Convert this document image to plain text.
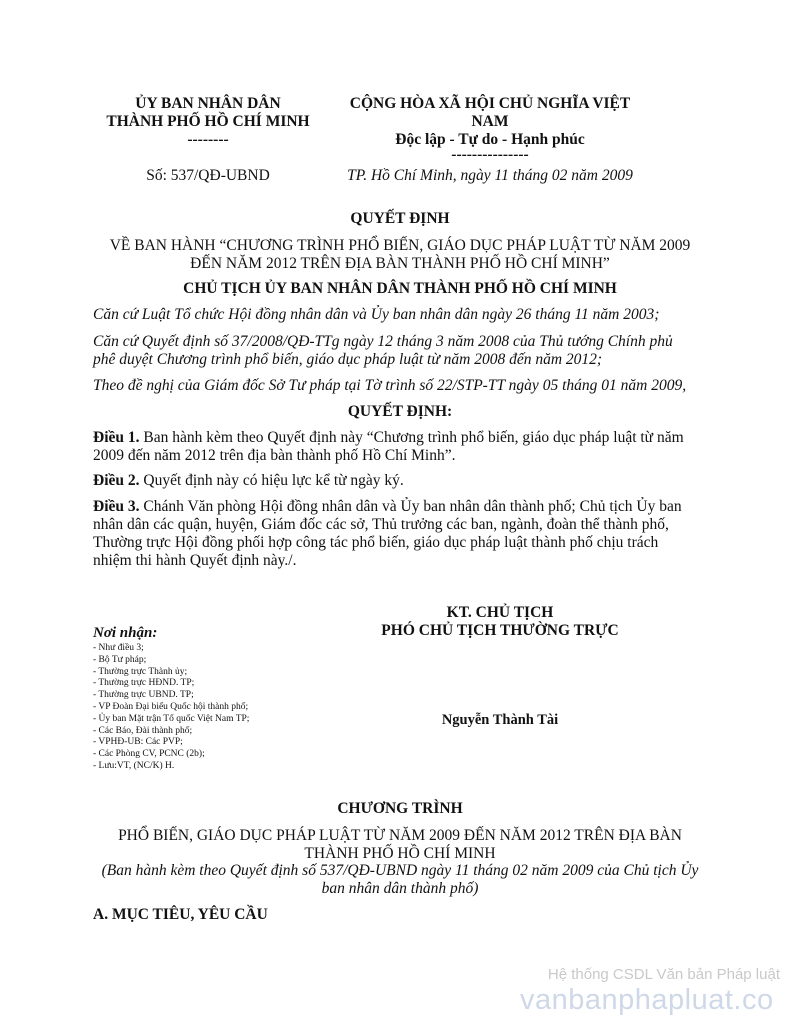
ỦY BAN NHÂN DÂN
THÀNH PHỐ HỒ CHÍ MINH
--------
Số: 537/QĐ-UBND
CỘNG HÒA XÃ HỘI CHỦ NGHĨA VIỆT
NAM
Độc lập - Tự do - Hạnh phúc
---------------
TP. Hồ Chí Minh, ngày 11 tháng 02 năm 2009
QUYẾT ĐỊNH
VỀ BAN HÀNH “CHƯƠNG TRÌNH PHỔ BIẾN, GIÁO DỤC PHÁP LUẬT TỪ NĂM 2009
ĐẾN NĂM 2012 TRÊN ĐỊA BÀN THÀNH PHỐ HỒ CHÍ MINH”
CHỦ TỊCH ỦY BAN NHÂN DÂN THÀNH PHỐ HỒ CHÍ MINH
Căn cứ Luật Tổ chức Hội đồng nhân dân và Ủy ban nhân dân ngày 26 tháng 11 năm 2003;
Căn cứ Quyết định số 37/2008/QĐ-TTg ngày 12 tháng 3 năm 2008 của Thủ tướng Chính phủ
phê duyệt Chương trình phổ biến, giáo dục pháp luật từ năm 2008 đến năm 2012;
Theo đề nghị của Giám đốc Sở Tư pháp tại Tờ trình số 22/STP-TT ngày 05 tháng 01 năm 2009,
QUYẾT ĐỊNH:
Điều 1. Ban hành kèm theo Quyết định này “Chương trình phổ biến, giáo dục pháp luật từ năm
2009 đến năm 2012 trên địa bàn thành phố Hồ Chí Minh”.
Điều 2. Quyết định này có hiệu lực kể từ ngày ký.
Điều 3. Chánh Văn phòng Hội đồng nhân dân và Ủy ban nhân dân thành phố; Chủ tịch Ủy ban
nhân dân các quận, huyện, Giám đốc các sở, Thủ trưởng các ban, ngành, đoàn thể thành phố,
Thường trực Hội đồng phối hợp công tác phổ biến, giáo dục pháp luật thành phố chịu trách
nhiệm thi hành Quyết định này./.
Nơi nhận:
- Như điều 3;
- Bộ Tư pháp;
- Thường trực Thành ủy;
- Thường trực HĐND. TP;
- Thường trực UBND. TP;
- VP Đoàn Đại biểu Quốc hội thành phố;
- Ủy ban Mặt trận Tổ quốc Việt Nam TP;
- Các Báo, Đài thành phố;
- VPHĐ-UB: Các PVP;
- Các Phòng CV, PCNC (2b);
- Lưu:VT, (NC/K) H.
KT. CHỦ TỊCH
PHÓ CHỦ TỊCH THƯỜNG TRỰC
Nguyễn Thành Tài
CHƯƠNG TRÌNH
PHỔ BIẾN, GIÁO DỤC PHÁP LUẬT TỪ NĂM 2009 ĐẾN NĂM 2012 TRÊN ĐỊA BÀN
THÀNH PHỐ HỒ CHÍ MINH
(Ban hành kèm theo Quyết định số 537/QĐ-UBND ngày 11 tháng 02 năm 2009 của Chủ tịch Ủy
ban nhân dân thành phố)
A. MỤC TIÊU, YÊU CẦU
Hệ thống CSDL Văn bản Pháp luật
vanbanphapluat.co
